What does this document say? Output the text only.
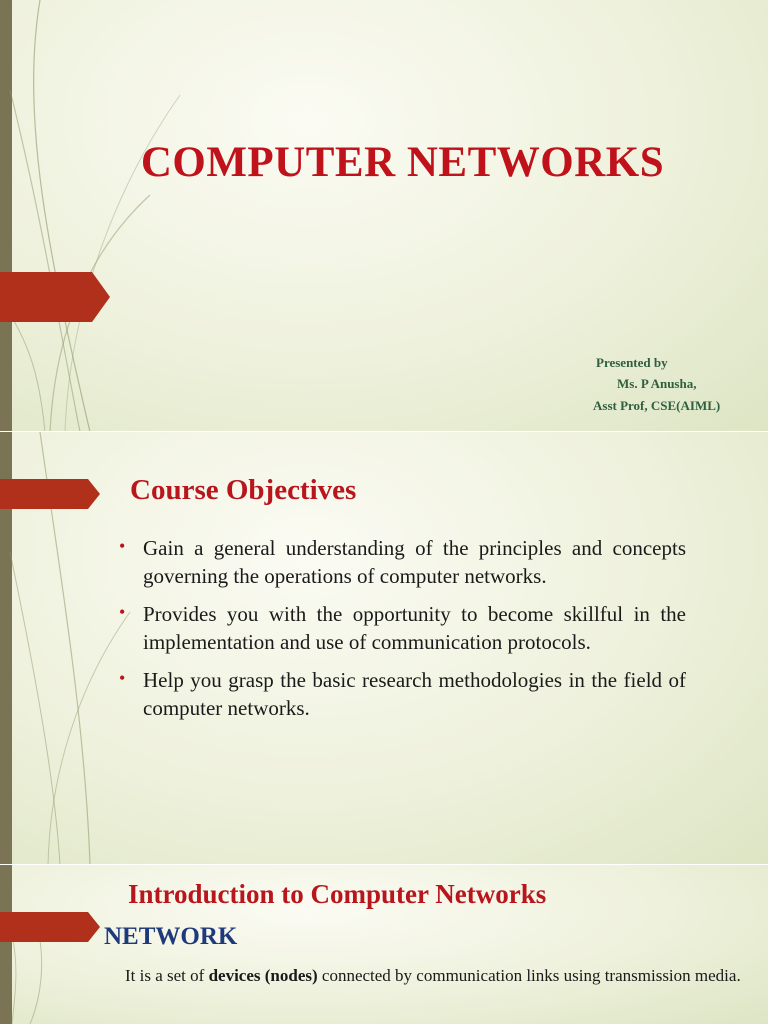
COMPUTER NETWORKS

Presented by

Ms. P Anusha,

Asst Prof, CSE(AIML)

Course Objectives
• Gain a general understanding of the principles and concepts governing the operations of computer networks.
• Provides you with the opportunity to become skillful in the implementation and use of communication protocols.
• Help you grasp the basic research methodologies in the field of computer networks.
Introduction to Computer Networks
NETWORK
It is a set of devices (nodes) connected by communication links using transmission media.
